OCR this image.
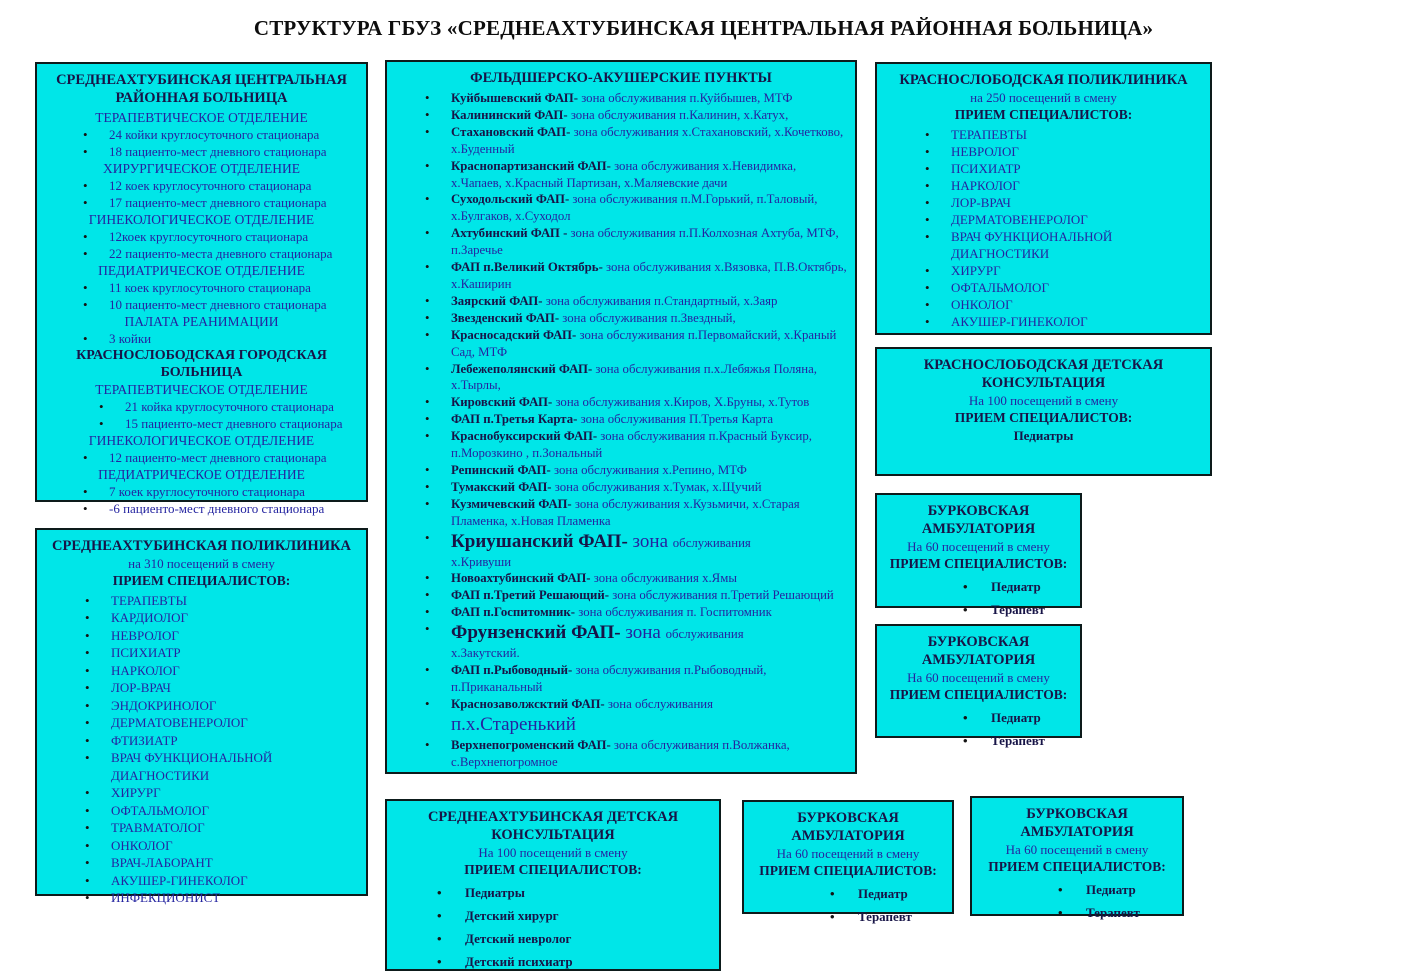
СТРУКТУРА ГБУЗ «СРЕДНЕАХТУБИНСКАЯ ЦЕНТРАЛЬНАЯ РАЙОННАЯ БОЛЬНИЦА»
СРЕДНЕАХТУБИНСКАЯ ЦЕНТРАЛЬНАЯ РАЙОННАЯ БОЛЬНИЦА
ТЕРАПЕВТИЧЕСКОЕ ОТДЕЛЕНИЕ
• 24 койки круглосуточного стационара
• 18 пациенто-мест дневного стационара
ХИРУРГИЧЕСКОЕ ОТДЕЛЕНИЕ
• 12 коек круглосуточного стационара
• 17 пациенто-мест дневного стационара
ГИНЕКОЛОГИЧЕСКОЕ ОТДЕЛЕНИЕ
• 12коек круглосуточного стационара
• 22 пациенто-места дневного стационара
ПЕДИАТРИЧЕСКОЕ ОТДЕЛЕНИЕ
• 11 коек круглосуточного стационара
• 10 пациенто-мест дневного стационара
ПАЛАТА РЕАНИМАЦИИ
• 3 койки
КРАСНОСЛОБОДСКАЯ ГОРОДСКАЯ БОЛЬНИЦА
ТЕРАПЕВТИЧЕСКОЕ ОТДЕЛЕНИЕ
• 21 койка круглосуточного стационара
• 15 пациенто-мест дневного стационара
ГИНЕКОЛОГИЧЕСКОЕ ОТДЕЛЕНИЕ
• 12 пациенто-мест дневного стационара
ПЕДИАТРИЧЕСКОЕ ОТДЕЛЕНИЕ
• 7 коек круглосуточного стационара
• -6 пациенто-мест дневного стационара
СРЕДНЕАХТУБИНСКАЯ ПОЛИКЛИНИКА
на 310 посещений в смену
ПРИЕМ СПЕЦИАЛИСТОВ:
• ТЕРАПЕВТЫ
• КАРДИОЛОГ
• НЕВРОЛОГ
• ПСИХИАТР
• НАРКОЛОГ
• ЛОР-ВРАЧ
• ЭНДОКРИНОЛОГ
• ДЕРМАТОВЕНЕРОЛОГ
• ФТИЗИАТР
• ВРАЧ ФУНКЦИОНАЛЬНОЙ ДИАГНОСТИКИ
• ХИРУРГ
• ОФТАЛЬМОЛОГ
• ТРАВМАТОЛОГ
• ОНКОЛОГ
• ВРАЧ-ЛАБОРАНТ
• АКУШЕР-ГИНЕКОЛОГ
• ИНФЕКЦИОНИСТ
ФЕЛЬДШЕРСКО-АКУШЕРСКИЕ ПУНКТЫ
• Куйбышевский ФАП- зона обслуживания п.Куйбышев, МТФ
• Калининский ФАП- зона обслуживания п.Калинин, х.Катух,
• Стахановский ФАП- зона обслуживания х.Стахановский, х.Кочетково, х.Буденный
• Краснопартизанский ФАП- зона обслуживания х.Невидимка, х.Чапаев, х.Красный Партизан, х.Маляевские дачи
• Суходольский ФАП- зона обслуживания п.М.Горький, п.Таловый, х.Булгаков, х.Суходол
• Ахтубинский ФАП - зона обслуживания п.П.Колхозная Ахтуба, МТФ, п.Заречье
• ФАП п.Великий Октябрь- зона обслуживания х.Вязовка, П.В.Октябрь, х.Каширин
• Заярский ФАП- зона обслуживания п.Стандартный, х.Заяр
• Звезденский ФАП- зона обслуживания п.Звездный,
• Красносадский ФАП- зона обслуживания п.Первомайский, х.Краный Сад, МТФ
• Лебежеполянский ФАП- зона обслуживания п.х.Лебяжья Поляна, х.Тырлы,
• Кировский ФАП- зона обслуживания х.Киров, Х.Бруны, х.Тутов
• ФАП п.Третья Карта- зона обслуживания П.Третья Карта
• Краснобуксирский ФАП- зона обслуживания п.Красный Буксир, п.Морозкино , п.Зональный
• Репинский ФАП- зона обслуживания х.Репино, МТФ
• Тумакский ФАП- зона обслуживания х.Тумак, х.Щучий
• Кузмичевский ФАП- зона обслуживания х.Кузьмичи, х.Старая Пламенка, х.Новая Пламенка
• Криушанский ФАП- зона обслуживания
х.Кривуши
• Новоахтубинский ФАП- зона обслуживания х.Ямы
• ФАП п.Третий Решающий- зона обслуживания п.Третий Решающий
• ФАП п.Госпитомник- зона обслуживания п. Госпитомник
• Фрунзенский ФАП- зона обслуживания
х.Закутский.
• ФАП п.Рыбоводный- зона обслуживания п.Рыбоводный, п.Приканальный
• Краснозаволжсктий ФАП- зона обслуживания
п.х.Старенький
• Верхнепогроменский ФАП- зона обслуживания п.Волжанка, с.Верхнепогромное
КРАСНОСЛОБОДСКАЯ ПОЛИКЛИНИКА
на 250 посещений в смену
ПРИЕМ СПЕЦИАЛИСТОВ:
• ТЕРАПЕВТЫ
• НЕВРОЛОГ
• ПСИХИАТР
• НАРКОЛОГ
• ЛОР-ВРАЧ
• ДЕРМАТОВЕНЕРОЛОГ
• ВРАЧ ФУНКЦИОНАЛЬНОЙ ДИАГНОСТИКИ
• ХИРУРГ
• ОФТАЛЬМОЛОГ
• ОНКОЛОГ
• АКУШЕР-ГИНЕКОЛОГ
КРАСНОСЛОБОДСКАЯ ДЕТСКАЯ КОНСУЛЬТАЦИЯ
На 100 посещений в смену
ПРИЕМ СПЕЦИАЛИСТОВ:
Педиатры
БУРКОВСКАЯ АМБУЛАТОРИЯ
На 60 посещений в смену
ПРИЕМ СПЕЦИАЛИСТОВ:
• Педиатр
• Терапевт
БУРКОВСКАЯ АМБУЛАТОРИЯ
На 60 посещений в смену
ПРИЕМ СПЕЦИАЛИСТОВ:
• Педиатр
• Терапевт
СРЕДНЕАХТУБИНСКАЯ ДЕТСКАЯ КОНСУЛЬТАЦИЯ
На 100 посещений в смену
ПРИЕМ СПЕЦИАЛИСТОВ:
• Педиатры
• Детский хирург
• Детский невролог
• Детский психиатр
БУРКОВСКАЯ АМБУЛАТОРИЯ
На 60 посещений в смену
ПРИЕМ СПЕЦИАЛИСТОВ:
• Педиатр
• Терапевт
БУРКОВСКАЯ АМБУЛАТОРИЯ
На 60 посещений в смену
ПРИЕМ СПЕЦИАЛИСТОВ:
• Педиатр
• Терапевт
